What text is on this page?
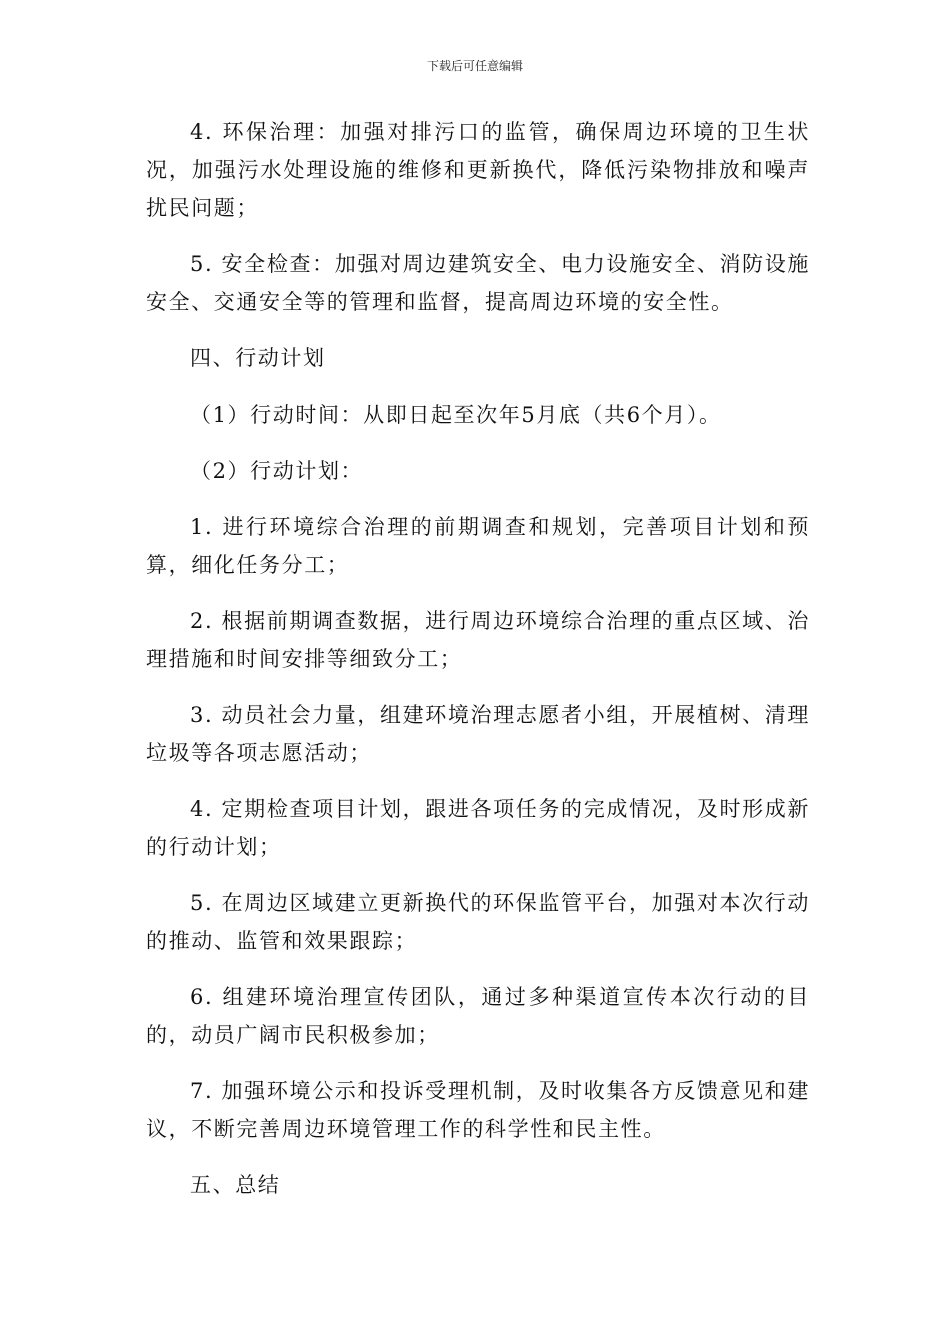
下载后可任意编辑

4. 环保治理：加强对排污口的监管，确保周边环境的卫生状况，加强污水处理设施的维修和更新换代，降低污染物排放和噪声扰民问题；

5. 安全检查：加强对周边建筑安全、电力设施安全、消防设施安全、交通安全等的管理和监督，提高周边环境的安全性。

四、行动计划

（1）行动时间：从即日起至次年5月底（共6个月）。

（2）行动计划：

1. 进行环境综合治理的前期调查和规划，完善项目计划和预算，细化任务分工；

2. 根据前期调查数据，进行周边环境综合治理的重点区域、治理措施和时间安排等细致分工；

3. 动员社会力量，组建环境治理志愿者小组，开展植树、清理垃圾等各项志愿活动；

4. 定期检查项目计划，跟进各项任务的完成情况，及时形成新的行动计划；

5. 在周边区域建立更新换代的环保监管平台，加强对本次行动的推动、监管和效果跟踪；

6. 组建环境治理宣传团队，通过多种渠道宣传本次行动的目的，动员广阔市民积极参加；

7. 加强环境公示和投诉受理机制，及时收集各方反馈意见和建议，不断完善周边环境管理工作的科学性和民主性。

五、总结
